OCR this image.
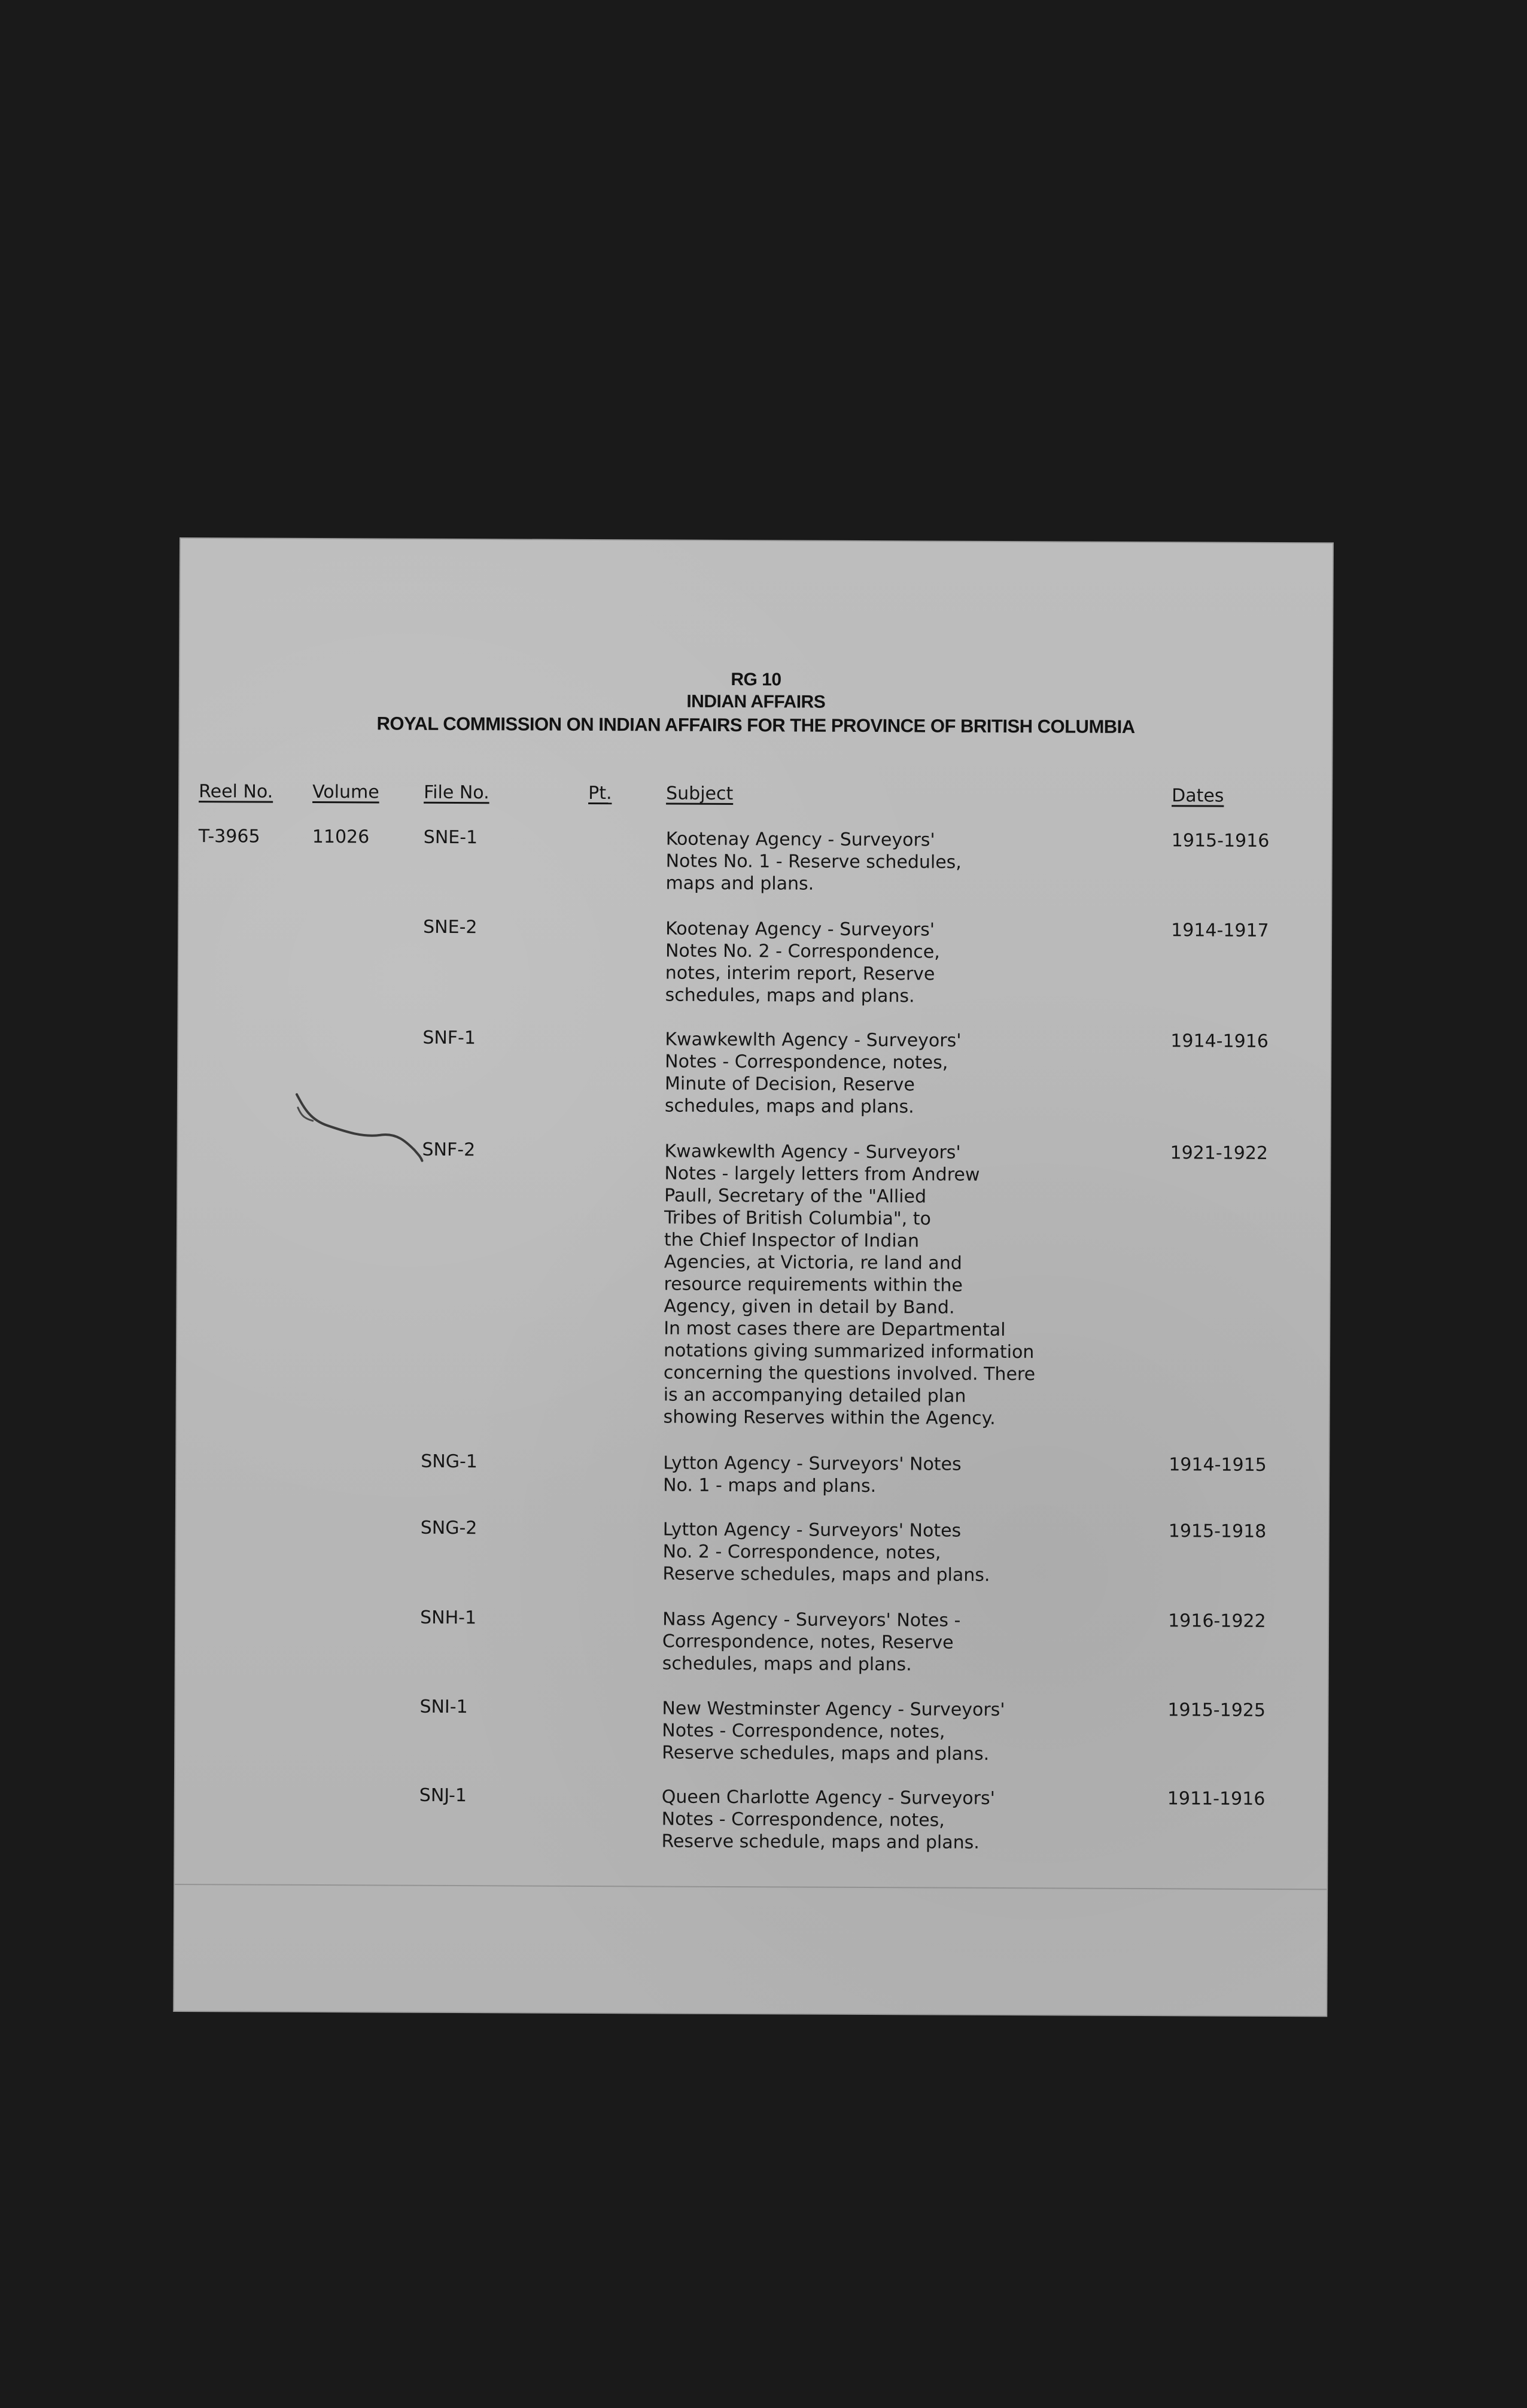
RG 10
INDIAN AFFAIRS
ROYAL COMMISSION ON INDIAN AFFAIRS FOR THE PROVINCE OF BRITISH COLUMBIA
Reel No. Volume File No.	Pt.	Subject	Dates
T-3965	11026	SNE-1	Kootenay Agency - Surveyors'
Notes No. 1 - Reserve schedules,
maps and plans.
1915-1916
SNE-2	Kootenay Agency - Surveyors'
Notes No. 2 - Correspondence,
notes, interim report, Reserve
schedules, maps and plans.
1914-1917
SNF-1	Kwawkewlth Agency - Surveyors'
Notes - Correspondence, notes,
Minute of Decision, Reserve
schedules, maps and plans.
1914-1916
SNF-2	Kwawkewlth Agency - Surveyors'
Notes - largely letters from Andrew
Paull, Secretary of the "Allied
Tribes of British Columbia", to
the Chief Inspector of Indian
Agencies, at Victoria, re land and
resource requirements within the
Agency, given in detail by Band.
In most cases there are Departmental
notations giving summarized information
concerning the questions involved. There
is an accompanying detailed plan
showing Reserves within the Agency.
1921-1922
SNG-1	Lytton Agency - Surveyors' Notes
No. 1 - maps and plans.
1914-1915
SNG-2	Lytton Agency - Surveyors' Notes
No. 2 - Correspondence, notes,
Reserve schedules, maps and plans.
1915-1918
SNH-1	Nass Agency - Surveyors' Notes -
Correspondence, notes, Reserve
schedules, maps and plans.
1916-1922
SNI-1	New Westminster Agency - Surveyors'
Notes - Correspondence, notes,
Reserve schedules, maps and plans.
1915-1925
SNJ-1	Queen Charlotte Agency - Surveyors'
Notes - Correspondence, notes,
Reserve schedule, maps and plans.
1911-1916
